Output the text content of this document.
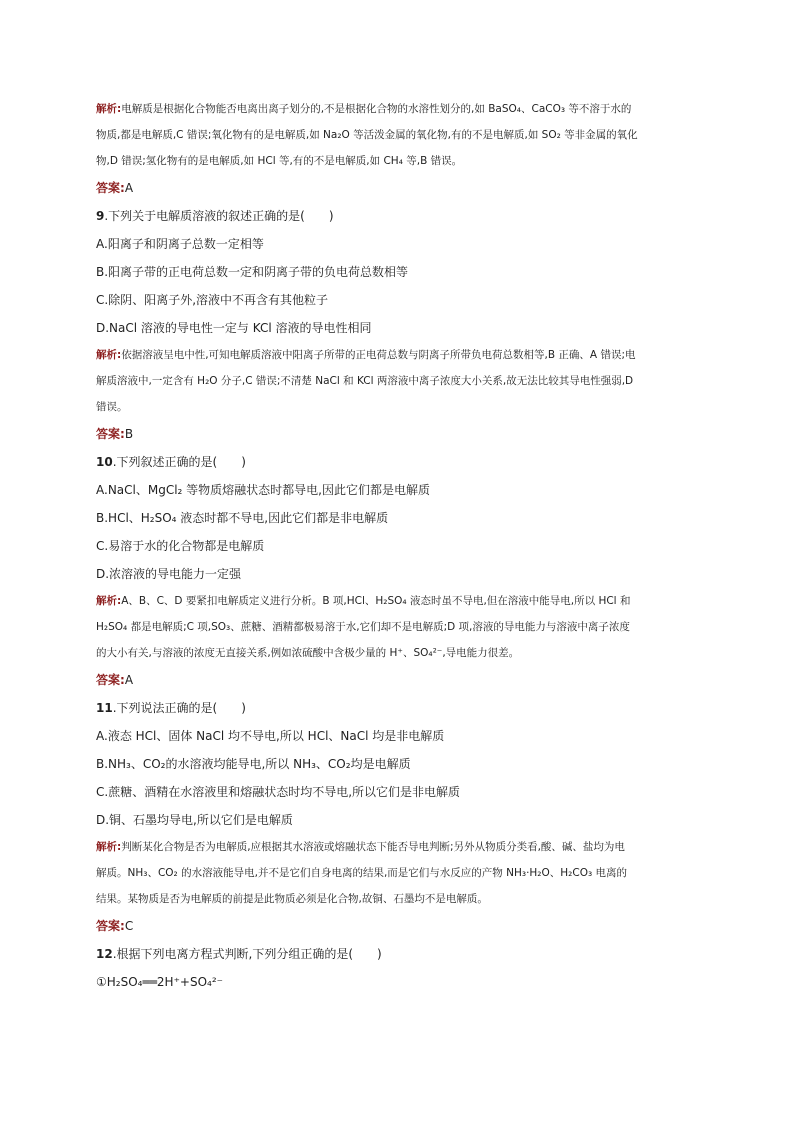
解析:电解质是根据化合物能否电离出离子划分的,不是根据化合物的水溶性划分的,如 BaSO₄、CaCO₃ 等不溶于水的
物质,都是电解质,C 错误;氧化物有的是电解质,如 Na₂O 等活泼金属的氧化物,有的不是电解质,如 SO₂ 等非金属的氧化
物,D 错误;氢化物有的是电解质,如 HCl 等,有的不是电解质,如 CH₄ 等,B 错误。
答案:A
9.下列关于电解质溶液的叙述正确的是(　　)
A.阳离子和阴离子总数一定相等
B.阳离子带的正电荷总数一定和阴离子带的负电荷总数相等
C.除阴、阳离子外,溶液中不再含有其他粒子
D.NaCl 溶液的导电性一定与 KCl 溶液的导电性相同
解析:依据溶液呈电中性,可知电解质溶液中阳离子所带的正电荷总数与阴离子所带负电荷总数相等,B 正确、A 错误;电
解质溶液中,一定含有 H₂O 分子,C 错误;不清楚 NaCl 和 KCl 两溶液中离子浓度大小关系,故无法比较其导电性强弱,D
错误。
答案:B
10.下列叙述正确的是(　　)
A.NaCl、MgCl₂ 等物质熔融状态时都导电,因此它们都是电解质
B.HCl、H₂SO₄ 液态时都不导电,因此它们都是非电解质
C.易溶于水的化合物都是电解质
D.浓溶液的导电能力一定强
解析:A、B、C、D 要紧扣电解质定义进行分析。B 项,HCl、H₂SO₄ 液态时虽不导电,但在溶液中能导电,所以 HCl 和
H₂SO₄ 都是电解质;C 项,SO₃、蔗糖、酒精都极易溶于水,它们却不是电解质;D 项,溶液的导电能力与溶液中离子浓度
的大小有关,与溶液的浓度无直接关系,例如浓硫酸中含极少量的 H⁺、SO₄²⁻,导电能力很差。
答案:A
11.下列说法正确的是(　　)
A.液态 HCl、固体 NaCl 均不导电,所以 HCl、NaCl 均是非电解质
B.NH₃、CO₂的水溶液均能导电,所以 NH₃、CO₂均是电解质
C.蔗糖、酒精在水溶液里和熔融状态时均不导电,所以它们是非电解质
D.铜、石墨均导电,所以它们是电解质
解析:判断某化合物是否为电解质,应根据其水溶液或熔融状态下能否导电判断;另外从物质分类看,酸、碱、盐均为电
解质。NH₃、CO₂ 的水溶液能导电,并不是它们自身电离的结果,而是它们与水反应的产物 NH₃·H₂O、H₂CO₃ 电离的
结果。某物质是否为电解质的前提是此物质必须是化合物,故铜、石墨均不是电解质。
答案:C
12.根据下列电离方程式判断,下列分组正确的是(　　)
①H₂SO₄══2H⁺+SO₄²⁻
